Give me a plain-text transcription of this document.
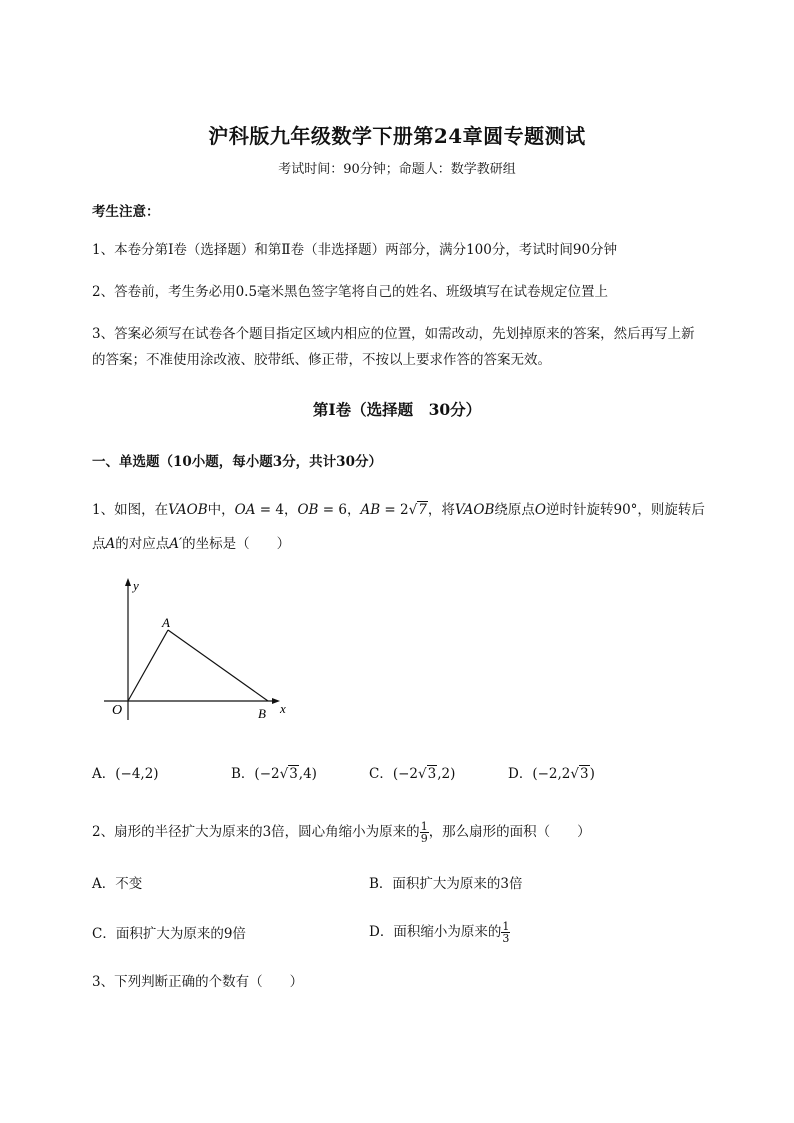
沪科版九年级数学下册第24章圆专题测试
考试时间：90分钟；命题人：数学教研组
考生注意：
1、本卷分第I卷（选择题）和第Ⅱ卷（非选择题）两部分，满分100分，考试时间90分钟
2、答卷前，考生务必用0.5毫米黑色签字笔将自己的姓名、班级填写在试卷规定位置上
3、答案必须写在试卷各个题目指定区域内相应的位置，如需改动，先划掉原来的答案，然后再写上新
的答案；不准使用涂改液、胶带纸、修正带，不按以上要求作答的答案无效。
第I卷（选择题　30分）
一、单选题（10小题，每小题3分，共计30分）
1、如图，在VAOB中，OA = 4，OB = 6，AB = 2√7，将VAOB绕原点O逆时针旋转90°，则旋转后
点A的对应点A′的坐标是（　　）
y
x
O
A
B
A．(−4,2)	B．(−2√3,4)	C．(−2√3,2)	D．(−2,2√3)
2、扇形的半径扩大为原来的3倍，圆心角缩小为原来的 $\frac{1}{9}$ ，那么扇形的面积（　　）
A．不变	B．面积扩大为原来的3倍
C．面积扩大为原来的9倍	D．面积缩小为原来的 $\frac{1}{3}$
3、下列判断正确的个数有（　　）
